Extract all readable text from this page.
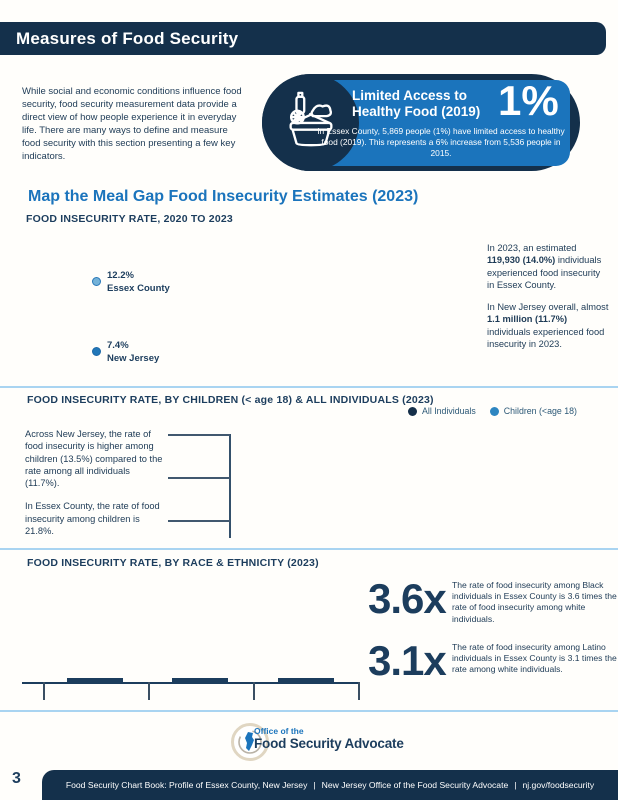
Measures of Food Security
While social and economic conditions influence food security, food security measurement data provide a direct view of how people experience it in everyday life. There are many ways to define and measure food security with this section presenting a few key indicators.
Limited Access to
Healthy Food (2019) 1%
In Essex County, 5,869 people (1%) have limited access to healthy food (2019). This represents a 6% increase from 5,536 people in 2015.
Map the Meal Gap Food Insecurity Estimates (2023)
FOOD INSECURITY RATE, 2020 TO 2023
12.2%
Essex County
7.4%
New Jersey

In 2023, an estimated 119,930 (14.0%) individuals experienced food insecurity in Essex County.

In New Jersey overall, almost 1.1 million (11.7%) individuals experienced food insecurity in 2023.

FOOD INSECURITY RATE, BY CHILDREN (< age 18) & ALL INDIVIDUALS (2023)
All Individuals	Children (<age 18)

Across New Jersey, the rate of food insecurity is higher among children (13.5%) compared to the rate among all individuals (11.7%).

In Essex County, the rate of food insecurity among children is 21.8%.

FOOD INSECURITY RATE, BY RACE & ETHNICITY (2023)
3.6x The rate of food insecurity among Black individuals in Essex County is 3.6 times the rate of food insecurity among white individuals.
3.1x The rate of food insecurity among Latino individuals in Essex County is 3.1 times the rate among white individuals.
Office of the
Food Security Advocate
3	Food Security Chart Book: Profile of Essex County, New Jersey | New Jersey Office of the Food Security Advocate | nj.gov/foodsecurity
